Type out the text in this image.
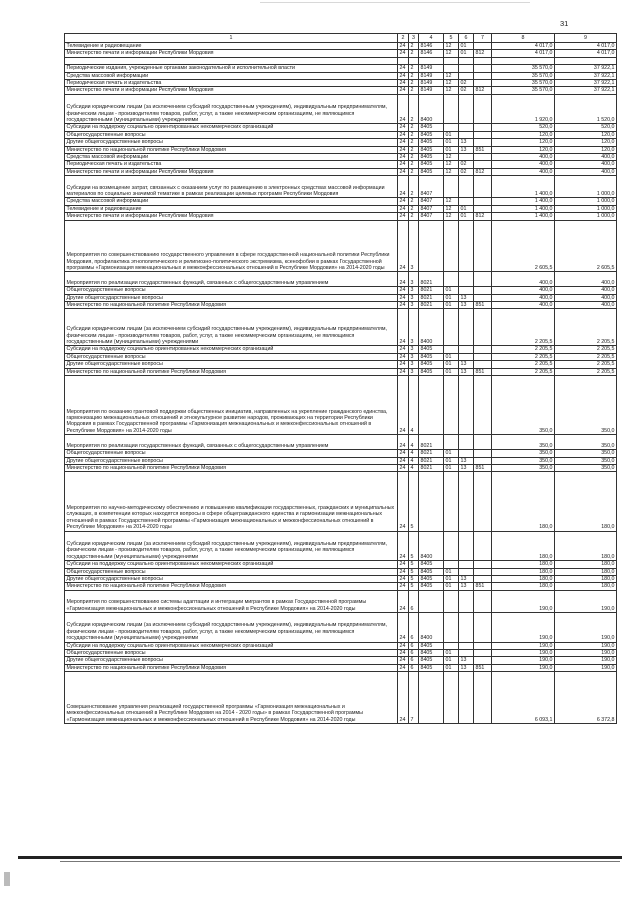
31
1	2	3	4	5	6	7	8	9
Телевидение и радиовещание	24	2	8146	12	01		4 017,0	4 017,0
Министерство печати и информации Республики Мордовия	24	2	8146	12	01	812	4 017,0	4 017,0

Периодические издания, учрежденные органами законодательной и исполнительной власти	24	2	8149				35 570,0	37 922,1
Средства массовой информации	24	2	8149	12			35 570,0	37 922,1
Периодическая печать и издательства	24	2	8149	12	02		35 570,0	37 922,1
Министерство печати и информации Республики Мордовия	24	2	8149	12	02	812	35 570,0	37 922,1
Субсидии юридическим лицам (за исключением субсидий государственным учреждениям), индивидуальным предпринимателям, физическим лицам - производителям товаров, работ, услуг, а также некоммерческим организациям, не являющимся государственными (муниципальными) учреждениями	24	2	8400				1 920,0	1 520,0
Субсидии на поддержку социально ориентированных некоммерческих организаций	24	2	8405				520,0	520,0
Общегосударственные вопросы	24	2	8405	01			120,0	120,0
Другие общегосударственные вопросы	24	2	8405	01	13		120,0	120,0
Министерство по национальной политике Республики Мордовия	24	2	8405	01	13	851	120,0	120,0
Средства массовой информации	24	2	8405	12			400,0	400,0
Периодическая печать и издательства	24	2	8405	12	02		400,0	400,0
Министерство печати и информации Республики Мордовия	24	2	8405	12	02	812	400,0	400,0
Субсидии на возмещение затрат, связанных с оказанием услуг по размещению в электронных средствах массовой информации материалов по социально значимой тематике в рамках реализации целевых программ Республики Мордовия	24	2	8407				1 400,0	1 000,0
Средства массовой информации	24	2	8407	12			1 400,0	1 000,0
Телевидение и радиовещание	24	2	8407	12	01		1 400,0	1 000,0
Министерство печати и информации Республики Мордовия	24	2	8407	12	01	812	1 400,0	1 000,0
Мероприятия по совершенствованию государственного управления в сфере государственной национальной политики Республики Мордовия, профилактика этнополитического и религиозно-политического экстремизма, ксенофобии в рамках Государственной программы «Гармонизация межнациональных и межконфессиональных отношений в Республике Мордовия» на 2014-2020 годы	24	3					2 605,5	2 605,5
Мероприятия по реализации государственных функций, связанных с общегосударственным управлением	24	3	8021				400,0	400,0
Общегосударственные вопросы	24	3	8021	01			400,0	400,0
Другие общегосударственные вопросы	24	3	8021	01	13		400,0	400,0
Министерство по национальной политике Республики Мордовия	24	3	8021	01	13	851	400,0	400,0
Субсидии юридическим лицам (за исключением субсидий государственным учреждениям), индивидуальным предпринимателям, физическим лицам - производителям товаров, работ, услуг, а также некоммерческим организациям, не являющимся государственными (муниципальными) учреждениями	24	3	8400				2 205,5	2 205,5
Субсидии на поддержку социально ориентированных некоммерческих организаций	24	3	8405				2 205,5	2 205,5
Общегосударственные вопросы	24	3	8405	01			2 205,5	2 205,5
Другие общегосударственные вопросы	24	3	8405	01	13		2 205,5	2 205,5
Министерство по национальной политике Республики Мордовия	24	3	8405	01	13	851	2 205,5	2 205,5
Мероприятия по оказанию грантовой поддержки общественных инициатив, направленных на укрепление гражданского единства, гармонизацию межнациональных отношений и этнокультурное развитие народов, проживающих на территории Республики Мордовия в рамках Государственной программы «Гармонизация межнациональных и межконфессиональных отношений в Республике Мордовия» на 2014-2020 годы	24	4					350,0	350,0
Мероприятия по реализации государственных функций, связанных с общегосударственным управлением	24	4	8021				350,0	350,0
Общегосударственные вопросы	24	4	8021	01			350,0	350,0
Другие общегосударственные вопросы	24	4	8021	01	13		350,0	350,0
Министерство по национальной политике Республики Мордовия	24	4	8021	01	13	851	350,0	350,0
Мероприятия по научно-методическому обеспечению и повышению квалификации государственных, гражданских и муниципальных служащих, в компетенции которых находятся вопросы в сфере общегражданского единства и гармонизации межнациональных отношений в рамках Государственной программы «Гармонизация межнациональных и межконфессиональных отношений в Республике Мордовия» на 2014-2020 годы	24	5					180,0	180,0
Субсидии юридическим лицам (за исключением субсидий государственным учреждениям), индивидуальным предпринимателям, физическим лицам - производителям товаров, работ, услуг, а также некоммерческим организациям, не являющимся государственными (муниципальными) учреждениями	24	5	8400				180,0	180,0
Субсидии на поддержку социально ориентированных некоммерческих организаций	24	5	8405				180,0	180,0
Общегосударственные вопросы	24	5	8405	01			180,0	180,0
Другие общегосударственные вопросы	24	5	8405	01	13		180,0	180,0
Министерство по национальной политике Республики Мордовия	24	5	8405	01	13	851	180,0	180,0
Мероприятия по совершенствованию системы адаптации и интеграции мигрантов в рамках Государственной программы «Гармонизация межнациональных и межконфессиональных отношений в Республике Мордовия» на 2014-2020 годы	24	6					190,0	190,0
Субсидии юридическим лицам (за исключением субсидий государственным учреждениям), индивидуальным предпринимателям, физическим лицам - производителям товаров, работ, услуг, а также некоммерческим организациям, не являющимся государственными (муниципальными) учреждениями	24	6	8400				190,0	190,0
Субсидии на поддержку социально ориентированных некоммерческих организаций	24	6	8405				190,0	190,0
Общегосударственные вопросы	24	6	8405	01			190,0	190,0
Другие общегосударственные вопросы	24	6	8405	01	13		190,0	190,0
Министерство по национальной политике Республики Мордовия	24	6	8405	01	13	851	190,0	190,0
Совершенствование управления реализацией государственной программы «Гармонизация межнациональных и межконфессиональных отношений в Республике Мордовия на 2014 - 2020 годы» в рамках Государственной программы «Гармонизация межнациональных и межконфессиональных отношений в Республике Мордовия» на 2014-2020 годы	24	7					6 093,1	6 372,8
